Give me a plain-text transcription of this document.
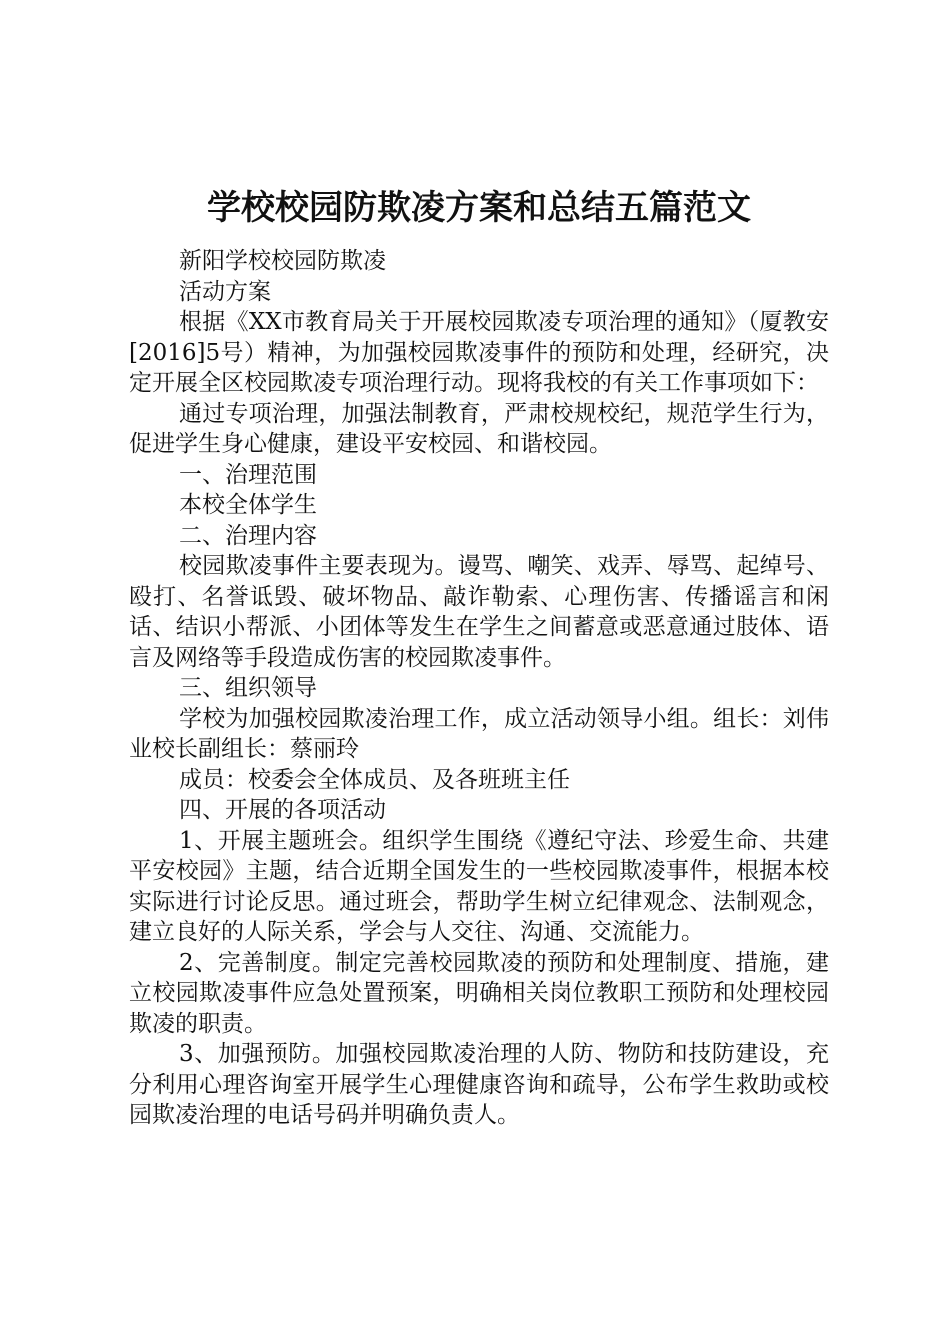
学校校园防欺凌方案和总结五篇范文

新阳学校校园防欺凌

活动方案

根据《XX市教育局关于开展校园欺凌专项治理的通知》（厦教安[2016]5号）精神，为加强校园欺凌事件的预防和处理，经研究，决定开展全区校园欺凌专项治理行动。现将我校的有关工作事项如下：

通过专项治理，加强法制教育，严肃校规校纪，规范学生行为，促进学生身心健康，建设平安校园、和谐校园。

一、治理范围

本校全体学生

二、治理内容

校园欺凌事件主要表现为。谩骂、嘲笑、戏弄、辱骂、起绰号、殴打、名誉诋毁、破坏物品、敲诈勒索、心理伤害、传播谣言和闲话、结识小帮派、小团体等发生在学生之间蓄意或恶意通过肢体、语言及网络等手段造成伤害的校园欺凌事件。

三、组织领导

学校为加强校园欺凌治理工作，成立活动领导小组。组长：刘伟业校长副组长：蔡丽玲

成员：校委会全体成员、及各班班主任

四、开展的各项活动

1、开展主题班会。组织学生围绕《遵纪守法、珍爱生命、共建平安校园》主题，结合近期全国发生的一些校园欺凌事件，根据本校实际进行讨论反思。通过班会，帮助学生树立纪律观念、法制观念，建立良好的人际关系，学会与人交往、沟通、交流能力。

2、完善制度。制定完善校园欺凌的预防和处理制度、措施，建立校园欺凌事件应急处置预案，明确相关岗位教职工预防和处理校园欺凌的职责。

3、加强预防。加强校园欺凌治理的人防、物防和技防建设，充分利用心理咨询室开展学生心理健康咨询和疏导，公布学生救助或校园欺凌治理的电话号码并明确负责人。
